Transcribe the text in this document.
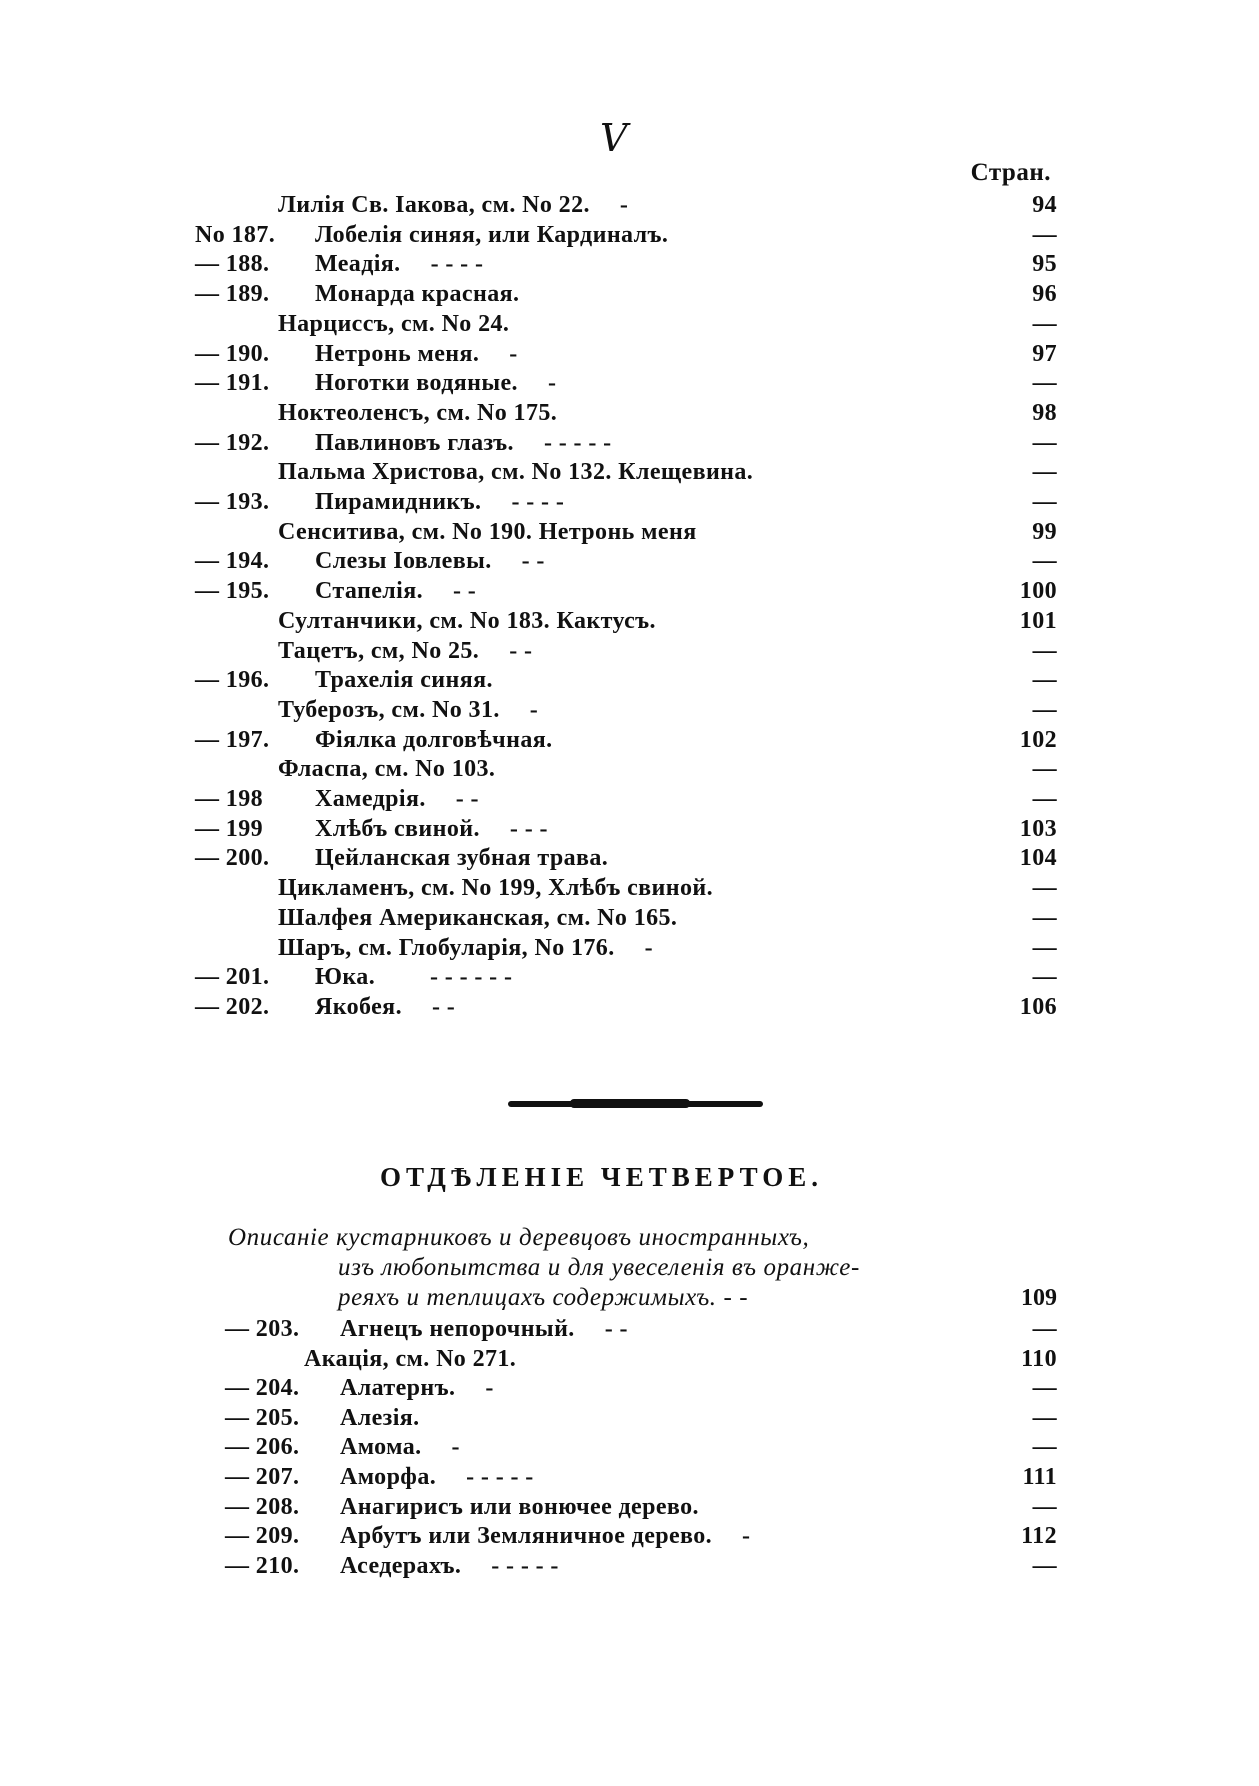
V
Стран.
Лилія Св. Іакова, см. No 22. -	94
No 187. Лобелія синяя, или Кардиналъ.	—
— 188. Меадія. - - - -	95
— 189. Монарда красная.	96
Нарциссъ, см. No 24.	—
— 190. Нетронь меня. -	97
— 191. Ноготки водяные. -	—
Ноктеоленсъ, см. No 175.	98
— 192. Павлиновъ глазъ. - - - - -	—
Пальма Христова, см. No 132. Клещевина.	—
— 193. Пирамидникъ. - - - -	—
Сенситива, см. No 190. Нетронь меня	99
— 194. Слезы Іовлевы. - -	—
— 195. Стапелія. - -	100
Султанчики, см. No 183. Кактусъ.	101
Тацетъ, см, No 25. - -	—
— 196. Трахелія синяя.	—
Туберозъ, см. No 31. -	—
— 197. Фіялка долговѣчная.	102
Фласпа, см. No 103.	—
— 198 Хамедрія. - -	—
— 199 Хлѣбъ свиной. - - -	103
— 200. Цейланская зубная трава.	104
Цикламенъ, см. No 199, Хлѣбъ свиной.	—
Шалфея Американская, см. No 165.	—
Шаръ, см. Глобуларія, No 176. -	—
— 201. Юка. - - - - - -	—
— 202. Якобея. - -	106
ОТДѢЛЕНІЕ ЧЕТВЕРТОЕ.
Описаніе кустарниковъ и деревцовъ иностранныхъ,
изъ любопытства и для увеселенія въ оранже-
реяхъ и теплицахъ содержимыхъ. - -	109
— 203. Агнецъ непорочный. - -	—
Акація, см. No 271.	110
— 204. Алатернъ. -	—
— 205. Алезія.	—
— 206. Амома. -	—
— 207. Аморфа. - - - - -	111
— 208. Анагирисъ или вонючее дерево.	—
— 209. Арбутъ или Земляничное дерево. -	112
— 210. Аседерахъ. - - - - -	—
